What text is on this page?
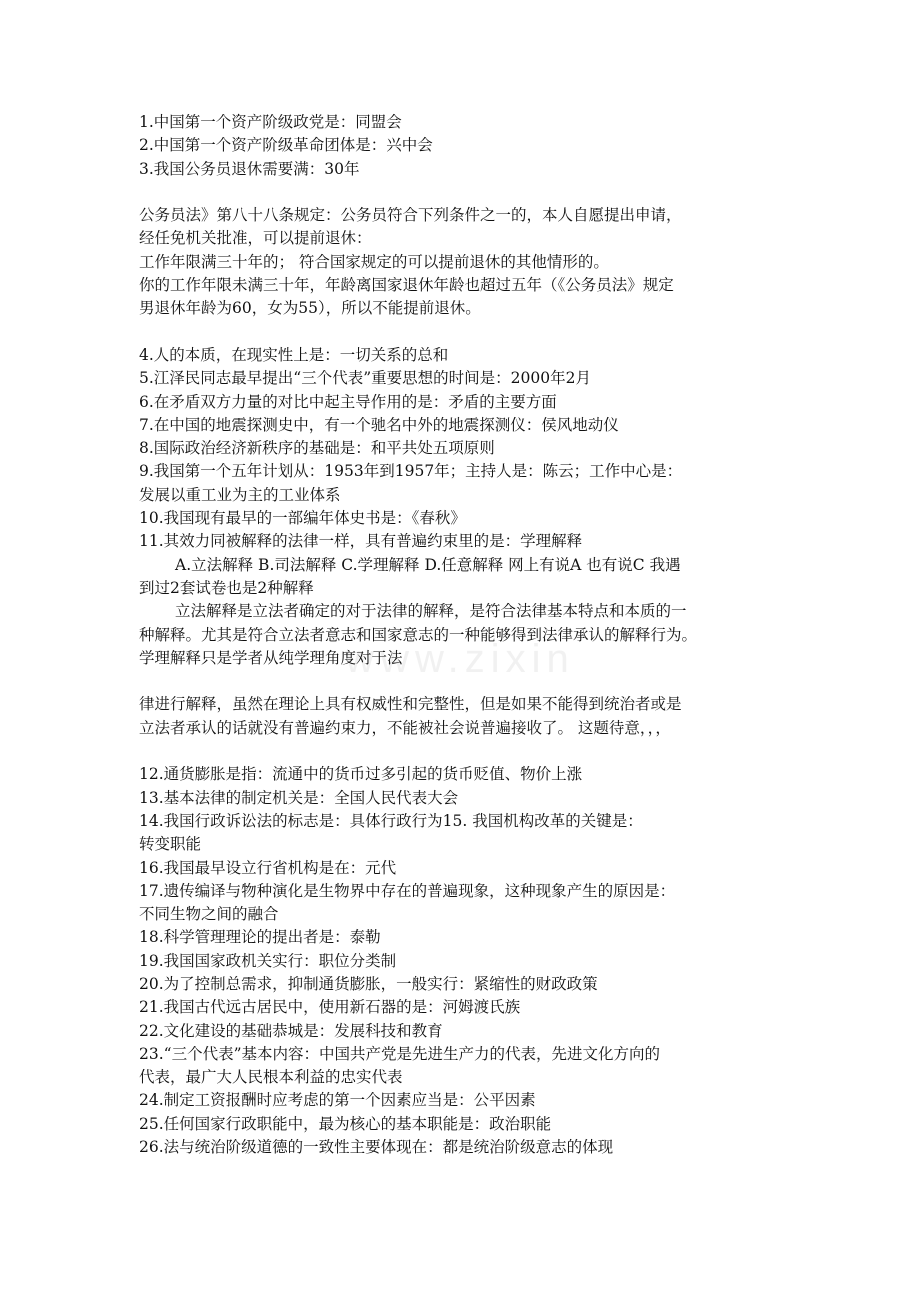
www.zixin
1.中国第一个资产阶级政党是：同盟会
2.中国第一个资产阶级革命团体是：兴中会
3.我国公务员退休需要满：30年
公务员法》第八十八条规定：公务员符合下列条件之一的，本人自愿提出申请，
经任免机关批准，可以提前退休：
工作年限满三十年的； 符合国家规定的可以提前退休的其他情形的。
你的工作年限未满三十年，年龄离国家退休年龄也超过五年（《公务员法》规定
男退休年龄为60，女为55），所以不能提前退休。
4.人的本质，在现实性上是：一切关系的总和
5.江泽民同志最早提出“三个代表”重要思想的时间是：2000年2月
6.在矛盾双方力量的对比中起主导作用的是：矛盾的主要方面
7.在中国的地震探测史中，有一个驰名中外的地震探测仪：侯风地动仪
8.国际政治经济新秩序的基础是：和平共处五项原则
9.我国第一个五年计划从：1953年到1957年；主持人是：陈云；工作中心是：
发展以重工业为主的工业体系
10.我国现有最早的一部编年体史书是：《春秋》
11.其效力同被解释的法律一样，具有普遍约束里的是：学理解释
A.立法解释 B.司法解释 C.学理解释 D.任意解释 网上有说A 也有说C 我遇
到过2套试卷也是2种解释
立法解释是立法者确定的对于法律的解释，是符合法律基本特点和本质的一
种解释。尤其是符合立法者意志和国家意志的一种能够得到法律承认的解释行为。
学理解释只是学者从纯学理角度对于法
律进行解释，虽然在理论上具有权威性和完整性，但是如果不能得到统治者或是
立法者承认的话就没有普遍约束力，不能被社会说普遍接收了。 这题待意，，，
12.通货膨胀是指：流通中的货币过多引起的货币贬值、物价上涨
13.基本法律的制定机关是：全国人民代表大会
14.我国行政诉讼法的标志是：具体行政行为15. 我国机构改革的关键是：
转变职能
16.我国最早设立行省机构是在：元代
17.遗传编译与物种演化是生物界中存在的普遍现象，这种现象产生的原因是：
不同生物之间的融合
18.科学管理理论的提出者是：泰勒
19.我国国家政机关实行：职位分类制
20.为了控制总需求，抑制通货膨胀，一般实行：紧缩性的财政政策
21.我国古代远古居民中，使用新石器的是：河姆渡氏族
22.文化建设的基础恭城是：发展科技和教育
23.“三个代表”基本内容：中国共产党是先进生产力的代表，先进文化方向的
代表，最广大人民根本利益的忠实代表
24.制定工资报酬时应考虑的第一个因素应当是：公平因素
25.任何国家行政职能中，最为核心的基本职能是：政治职能
26.法与统治阶级道德的一致性主要体现在：都是统治阶级意志的体现
